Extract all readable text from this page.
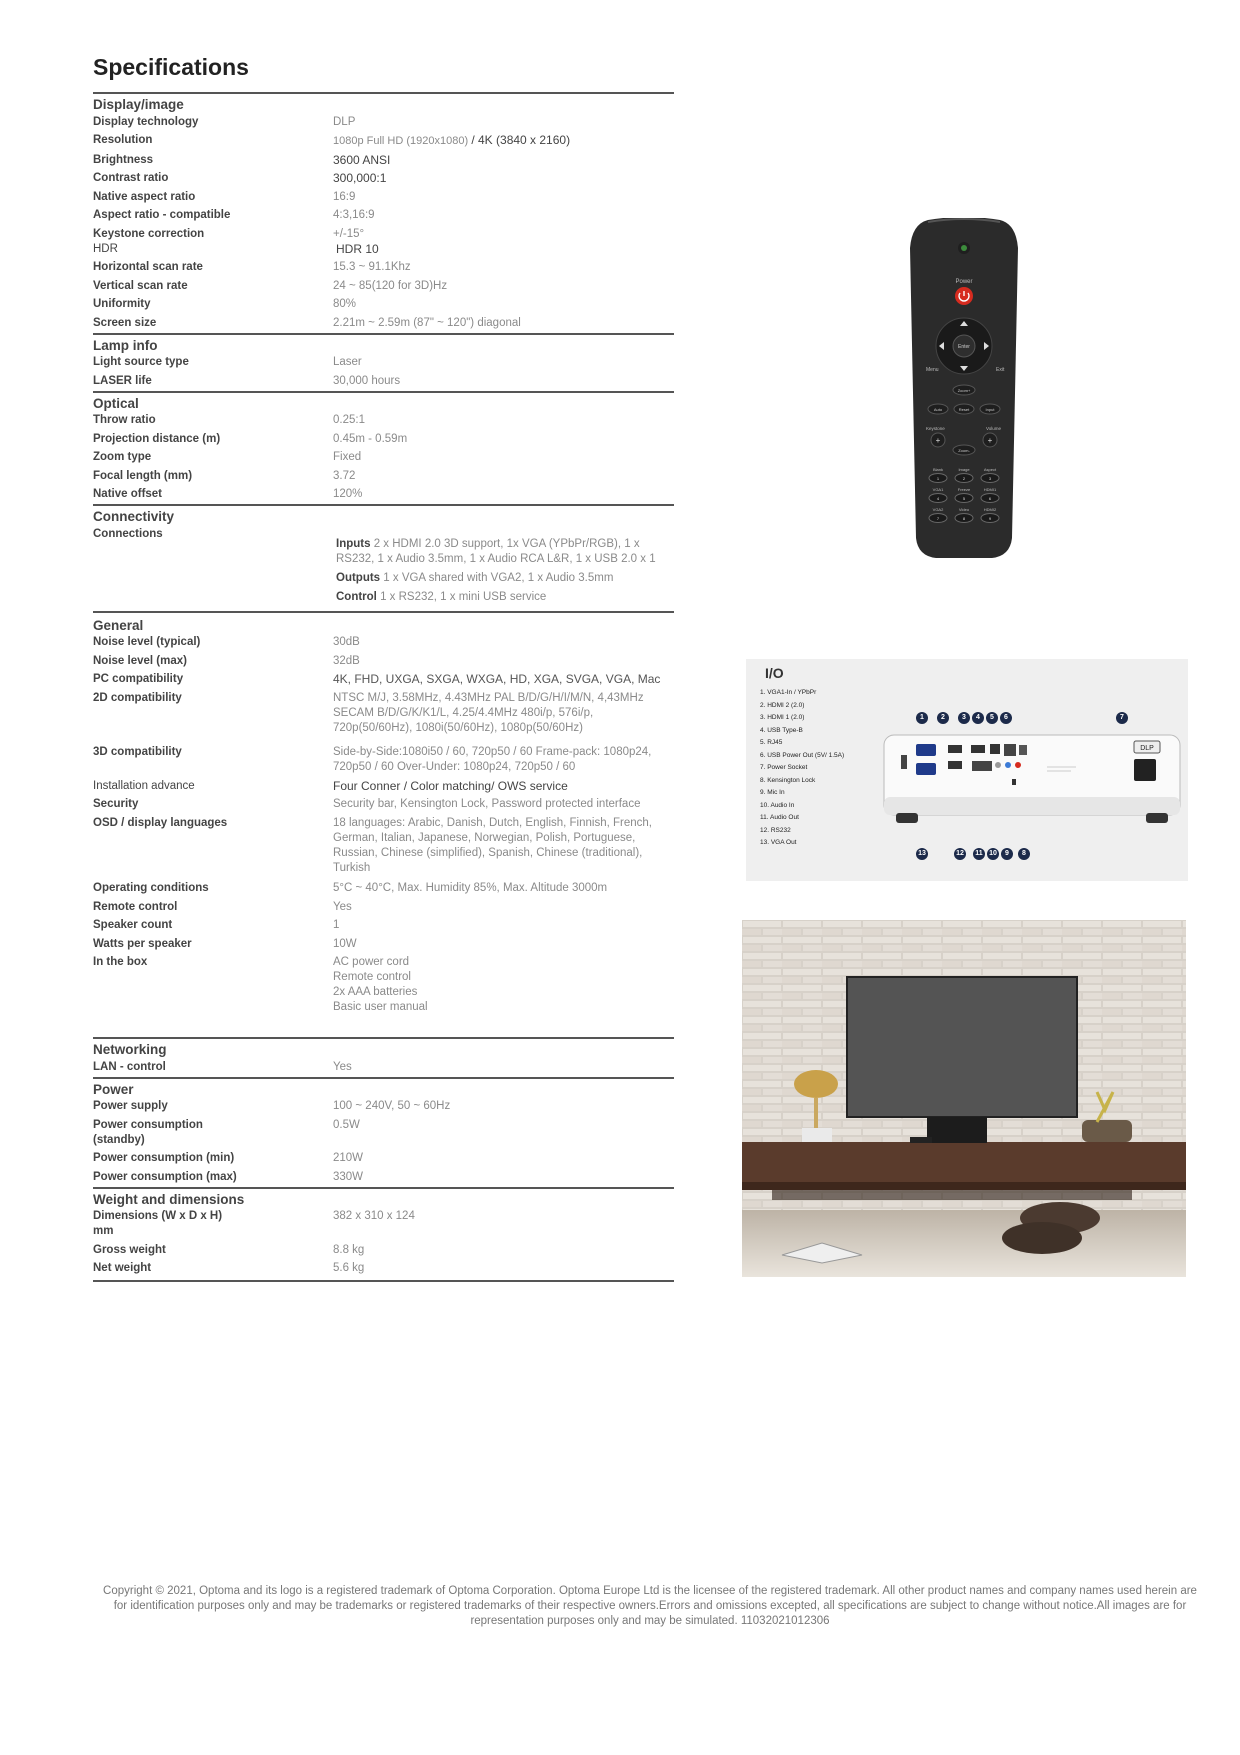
Specifications
Display/image
Display technology	DLP
Resolution	1080p Full HD (1920x1080) / 4K (3840 x 2160)
Brightness	3600 ANSI
Contrast ratio	300,000:1
Native aspect ratio	16:9
Aspect ratio - compatible	4:3,16:9
Keystone correction	+/-15°
HDR	HDR 10
Horizontal scan rate	15.3 ~ 91.1Khz
Vertical scan rate	24 ~ 85(120 for 3D)Hz
Uniformity	80%
Screen size	2.21m ~ 2.59m (87" ~ 120") diagonal
Lamp info
Light source type	Laser
LASER life	30,000 hours
Optical
Throw ratio	0.25:1
Projection distance (m)	0.45m - 0.59m
Zoom type	Fixed
Focal length (mm)	3.72
Native offset	120%
Connectivity
Connections
Inputs 2 x HDMI 2.0 3D support, 1x VGA (YPbPr/RGB), 1 x RS232, 1 x Audio 3.5mm, 1 x Audio RCA L&R, 1 x USB 2.0 x 1
Outputs 1 x VGA shared with VGA2, 1 x Audio 3.5mm
Control 1 x RS232, 1 x mini USB service
General
Noise level (typical)	30dB
Noise level (max)	32dB
PC compatibility	4K, FHD, UXGA, SXGA, WXGA, HD, XGA, SVGA, VGA, Mac
2D compatibility	NTSC M/J, 3.58MHz, 4.43MHz PAL B/D/G/H/I/M/N, 4,43MHz SECAM B/D/G/K/K1/L, 4.25/4.4MHz 480i/p, 576i/p, 720p(50/60Hz), 1080i(50/60Hz), 1080p(50/60Hz)
3D compatibility	Side-by-Side:1080i50 / 60, 720p50 / 60 Frame-pack: 1080p24, 720p50 / 60 Over-Under: 1080p24, 720p50 / 60
Installation advance	Four Conner / Color matching/ OWS service
Security	Security bar, Kensington Lock, Password protected interface
OSD / display languages	18 languages: Arabic, Danish, Dutch, English, Finnish, French, German, Italian, Japanese, Norwegian, Polish, Portuguese, Russian, Chinese (simplified), Spanish, Chinese (traditional), Turkish
Operating conditions	5°C ~ 40°C, Max. Humidity 85%, Max. Altitude 3000m
Remote control	Yes
Speaker count	1
Watts per speaker	10W
In the box	AC power cord
Remote control
2x AAA batteries
Basic user manual
Networking
LAN - control	Yes
Power
Power supply	100 ~ 240V, 50 ~ 60Hz
Power consumption (standby)
0.5W
Power consumption (min)	210W
Power consumption (max)	330W
Weight and dimensions
Dimensions (W x D x H) mm
382 x 310 x 124
Gross weight	8.8 kg
Net weight	5.6 kg
Power
Enter
Menu	Exit
Zoom+
Auto	Reset	Input
Keystone	Volume
+	+
Zoom-
Blank	Image	Aspect
1	2	3
VGA1	Freeze	HDMI1
4	5	6
VGA2	Video	HDMI2
7	8	9
I/O
1. VGA1-In / YPbPr
2. HDMI 2 (2.0)
3. HDMI 1 (2.0)
4. USB Type-B
5. RJ45
6. USB Power Out (5V/ 1.5A)
7. Power Socket
8. Kensington Lock
9. Mic In
10. Audio In
11. Audio Out
12. RS232
13. VGA Out
DLP
1	2	3	4	5	6	7
13	12	11 10	9	8
Copyright © 2021, Optoma and its logo is a registered trademark of Optoma Corporation. Optoma Europe Ltd is the licensee of the registered trademark. All other product names and company names used herein are for identification purposes only and may be trademarks or registered trademarks of their respective owners.Errors and omissions excepted, all specifications are subject to change without notice.All images are for representation purposes only and may be simulated. 11032021012306
